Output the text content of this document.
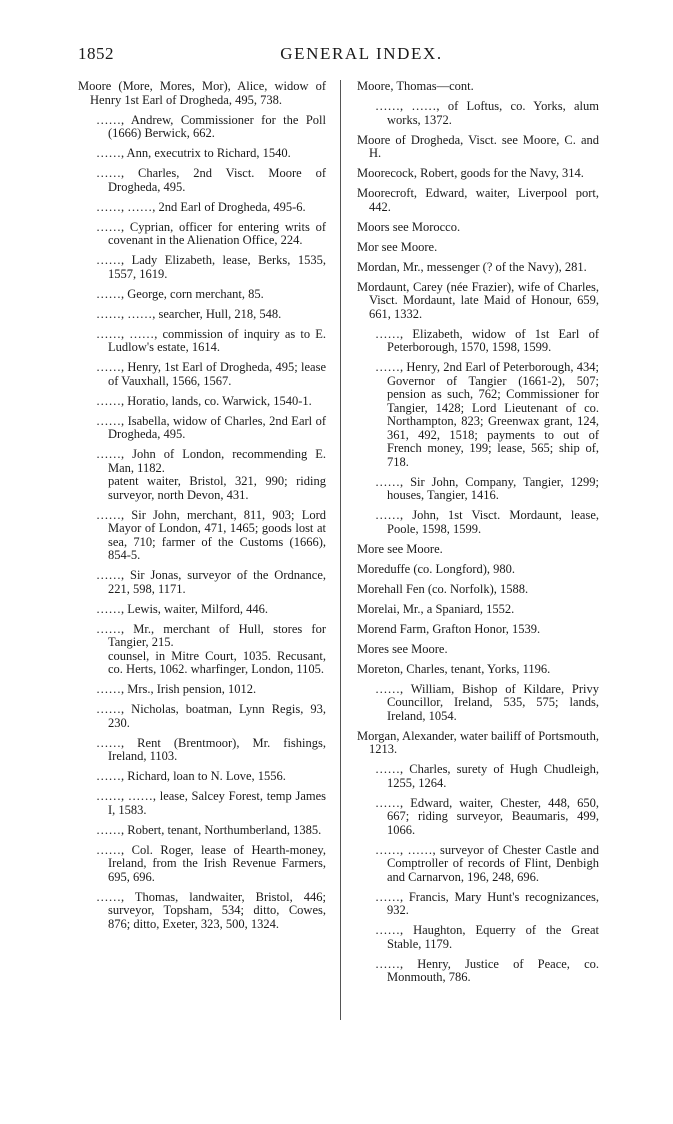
1852	GENERAL INDEX.
Moore (More, Mores, Mor), Alice, widow of Henry 1st Earl of Drogheda, 495, 738.
……, Andrew, Commissioner for the Poll (1666) Berwick, 662.
……, Ann, executrix to Richard, 1540.
……, Charles, 2nd Visct. Moore of Drogheda, 495.
……, ……, 2nd Earl of Drogheda, 495-6.
……, Cyprian, officer for entering writs of covenant in the Alienation Office, 224.
……, Lady Elizabeth, lease, Berks, 1535, 1557, 1619.
……, George, corn merchant, 85.
……, ……, searcher, Hull, 218, 548.
……, ……, commission of inquiry as to E. Ludlow's estate, 1614.
……, Henry, 1st Earl of Drogheda, 495; lease of Vauxhall, 1566, 1567.
……, Horatio, lands, co. Warwick, 1540-1.
……, Isabella, widow of Charles, 2nd Earl of Drogheda, 495.
……, John of London, recommending E. Man, 1182.
patent waiter, Bristol, 321, 990; riding surveyor, north Devon, 431.
……, Sir John, merchant, 811, 903; Lord Mayor of London, 471, 1465; goods lost at sea, 710; farmer of the Customs (1666), 854-5.
……, Sir Jonas, surveyor of the Ordnance, 221, 598, 1171.
……, Lewis, waiter, Milford, 446.
……, Mr., merchant of Hull, stores for Tangier, 215.
counsel, in Mitre Court, 1035. Recusant, co. Herts, 1062. wharfinger, London, 1105.
……, Mrs., Irish pension, 1012.
……, Nicholas, boatman, Lynn Regis, 93, 230.
……, Rent (Brentmoor), Mr. fishings, Ireland, 1103.
……, Richard, loan to N. Love, 1556.
……, ……, lease, Salcey Forest, temp James I, 1583.
……, Robert, tenant, Northumberland, 1385.
……, Col. Roger, lease of Hearth-money, Ireland, from the Irish Revenue Farmers, 695, 696.
……, Thomas, landwaiter, Bristol, 446; surveyor, Topsham, 534; ditto, Cowes, 876; ditto, Exeter, 323, 500, 1324.
Moore, Thomas—cont.
……, ……, of Loftus, co. Yorks, alum works, 1372.
Moore of Drogheda, Visct. see Moore, C. and H.
Moorecock, Robert, goods for the Navy, 314.
Moorecroft, Edward, waiter, Liverpool port, 442.
Moors see Morocco.
Mor see Moore.
Mordan, Mr., messenger (? of the Navy), 281.
Mordaunt, Carey (née Frazier), wife of Charles, Visct. Mordaunt, late Maid of Honour, 659, 661, 1332.
……, Elizabeth, widow of 1st Earl of Peterborough, 1570, 1598, 1599.
……, Henry, 2nd Earl of Peterborough, 434; Governor of Tangier (1661-2), 507; pension as such, 762; Commissioner for Tangier, 1428; Lord Lieutenant of co. Northampton, 823; Greenwax grant, 124, 361, 492, 1518; payments to out of French money, 199; lease, 565; ship of, 718.
……, Sir John, Company, Tangier, 1299; houses, Tangier, 1416.
……, John, 1st Visct. Mordaunt, lease, Poole, 1598, 1599.
More see Moore.
Moreduffe (co. Longford), 980.
Morehall Fen (co. Norfolk), 1588.
Morelai, Mr., a Spaniard, 1552.
Morend Farm, Grafton Honor, 1539.
Mores see Moore.
Moreton, Charles, tenant, Yorks, 1196.
……, William, Bishop of Kildare, Privy Councillor, Ireland, 535, 575; lands, Ireland, 1054.
Morgan, Alexander, water bailiff of Portsmouth, 1213.
……, Charles, surety of Hugh Chudleigh, 1255, 1264.
……, Edward, waiter, Chester, 448, 650, 667; riding surveyor, Beaumaris, 499, 1066.
……, ……, surveyor of Chester Castle and Comptroller of records of Flint, Denbigh and Carnarvon, 196, 248, 696.
……, Francis, Mary Hunt's recognizances, 932.
……, Haughton, Equerry of the Great Stable, 1179.
……, Henry, Justice of Peace, co. Monmouth, 786.
